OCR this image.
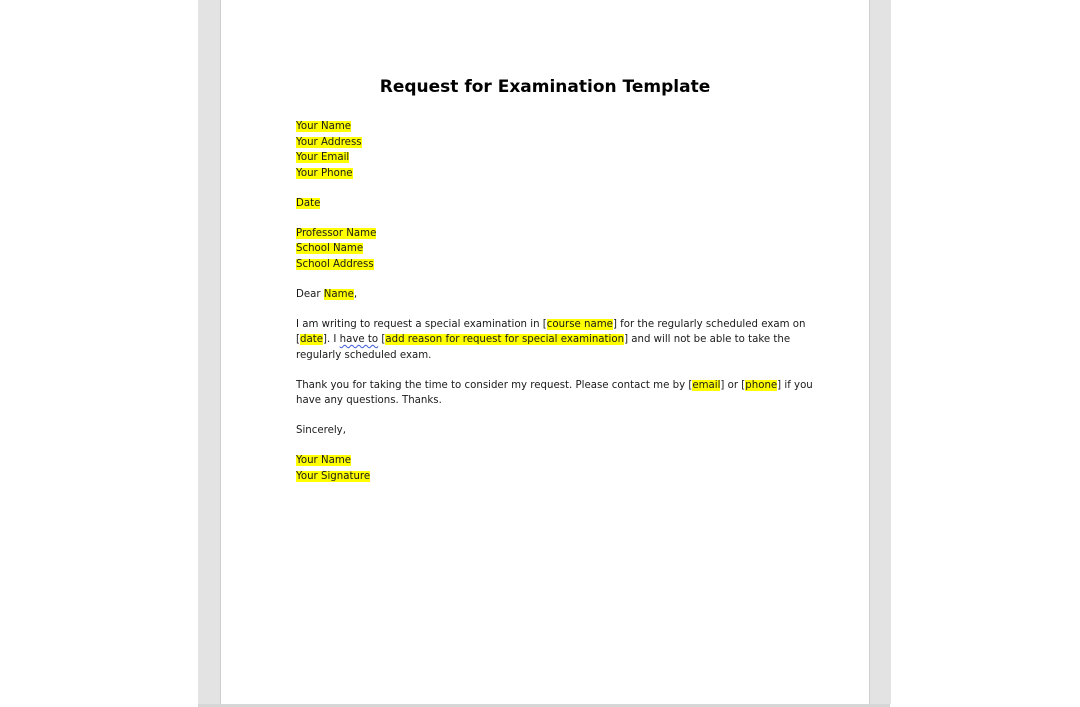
Request for Examination Template
Your Name
Your Address
Your Email
Your Phone
Date
Professor Name
School Name
School Address
Dear Name,
I am writing to request a special examination in [course name] for the regularly scheduled exam on
[date]. I have to [add reason for request for special examination] and will not be able to take the
regularly scheduled exam.
Thank you for taking the time to consider my request. Please contact me by [email] or [phone] if you
have any questions. Thanks.
Sincerely,
Your Name
Your Signature
